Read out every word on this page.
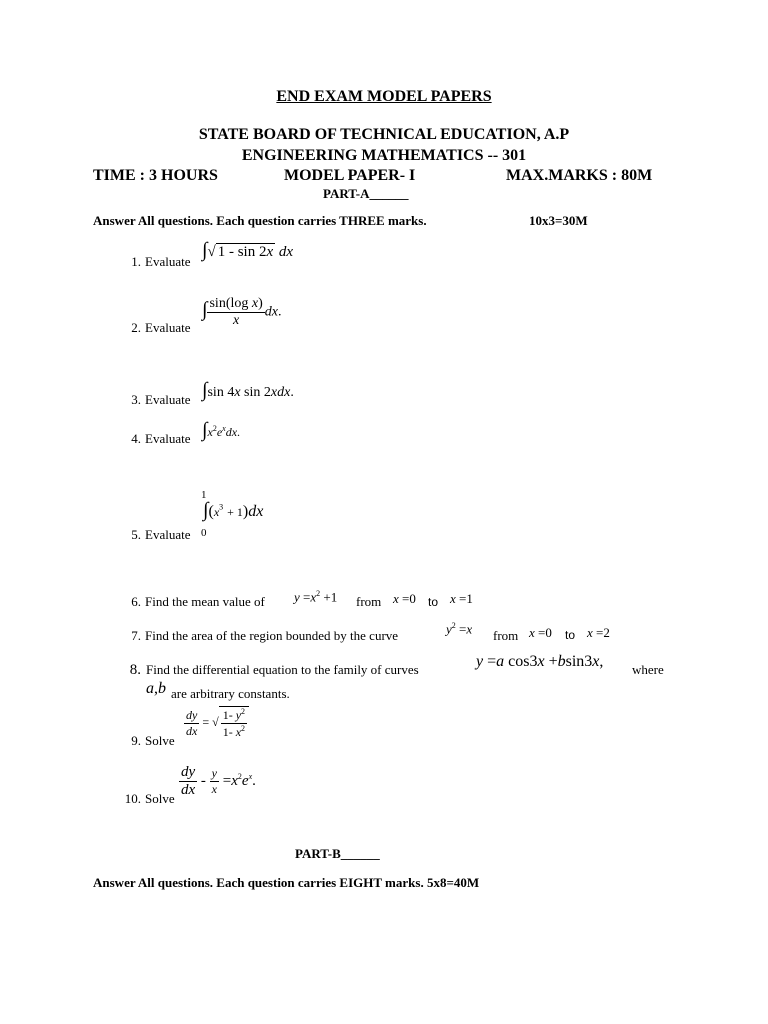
END EXAM MODEL PAPERS
STATE BOARD OF TECHNICAL EDUCATION, A.P
ENGINEERING MATHEMATICS -- 301
TIME : 3 HOURS	MODEL PAPER- I	MAX.MARKS : 80M
PART-A______
Answer All questions. Each question carries THREE marks.	10x3=30M
1. Evaluate
∫√ 1 - sin 2x dx
2. Evaluate
∫ $\frac{\text{sin(log x)}}{x}$ dx.
3. Evaluate ∫sin 4x sin 2xdx.
4. Evaluate $\int x^2e^xdx$.
5. Evaluate
1
0
$\int(x^3 + 1)dx$
6. Find the mean value of $y =x^2 +1$ from x =0 to x =1
7. Find the area of the region bounded by the curve	$y^2 =x$ from x =0 to x =2
8. Find the differential equation to the family of curves	y =a cos3x +bsin3x, where
a,b are arbitrary constants.
9. Solve
$\frac{dy}{dx}$ = √ $\frac{1- y^2}{1- x^2}$
10. Solve $\frac{dy}{dx} - \frac{y}{x} =x^2e^x$.
PART-B______
Answer All questions. Each question carries EIGHT marks. 5x8=40M
